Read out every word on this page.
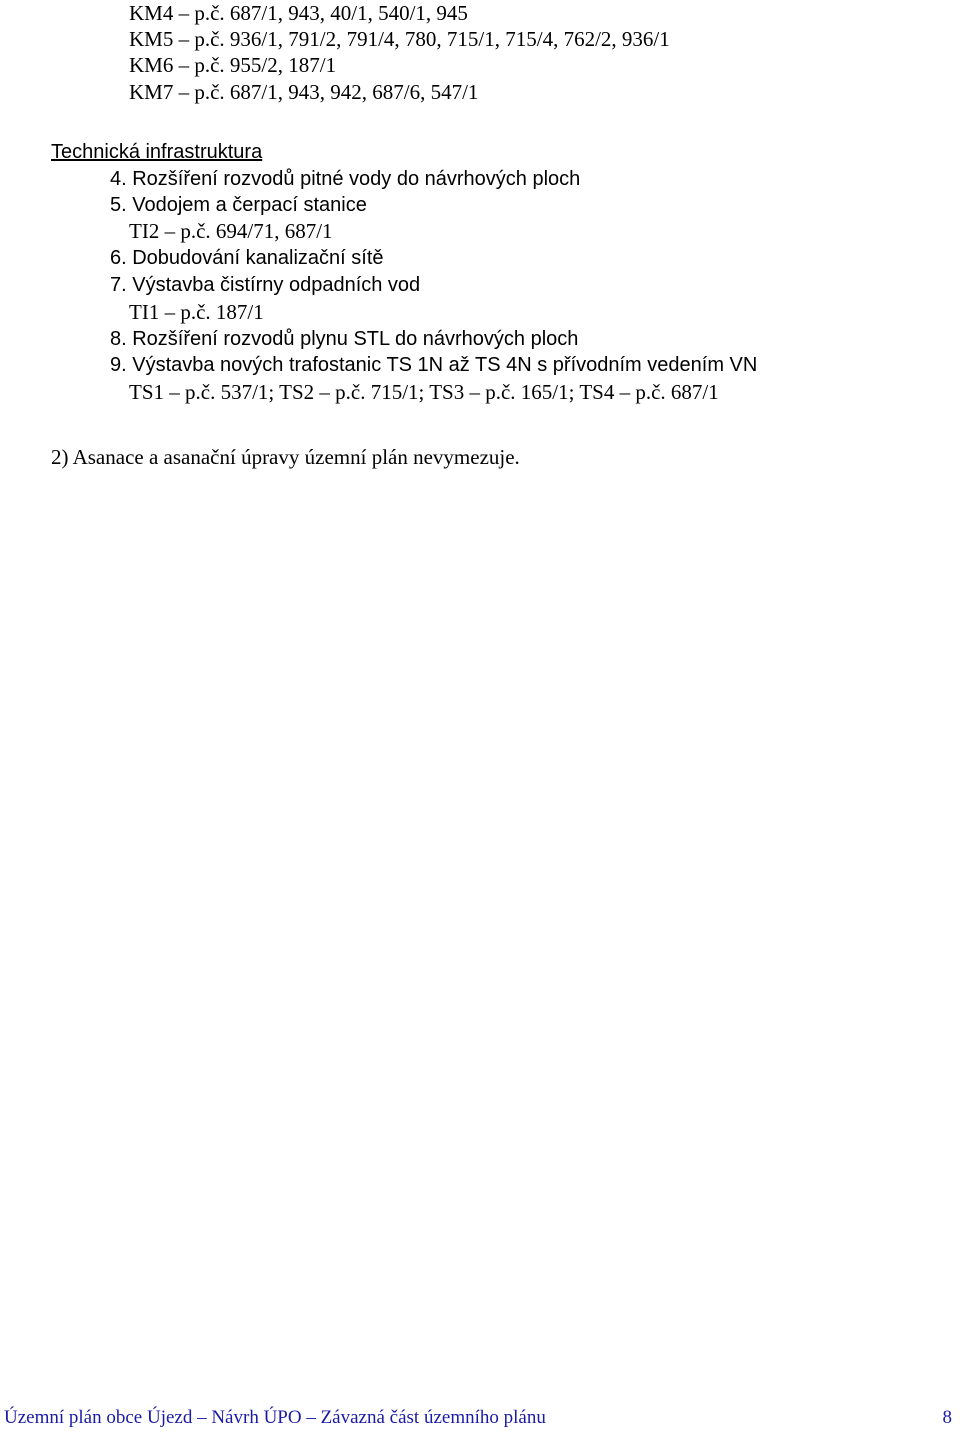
KM4 – p.č. 687/1, 943, 40/1, 540/1, 945
KM5 – p.č. 936/1, 791/2, 791/4, 780, 715/1, 715/4, 762/2, 936/1
KM6 – p.č. 955/2, 187/1
KM7 – p.č. 687/1, 943, 942, 687/6, 547/1
Technická infrastruktura
4. Rozšíření rozvodů pitné vody do návrhových ploch
5. Vodojem a čerpací stanice
TI2 – p.č. 694/71, 687/1
6. Dobudování kanalizační sítě
7. Výstavba čistírny odpadních vod
TI1 – p.č. 187/1
8. Rozšíření rozvodů plynu STL do návrhových ploch
9. Výstavba nových trafostanic TS 1N až TS 4N s přívodním vedením VN
TS1 – p.č. 537/1; TS2 – p.č. 715/1; TS3 – p.č. 165/1; TS4 – p.č. 687/1
2) Asanace a asanační úpravy územní plán nevymezuje.
Územní plán obce Újezd – Návrh ÚPO – Závazná část územního plánu	8
